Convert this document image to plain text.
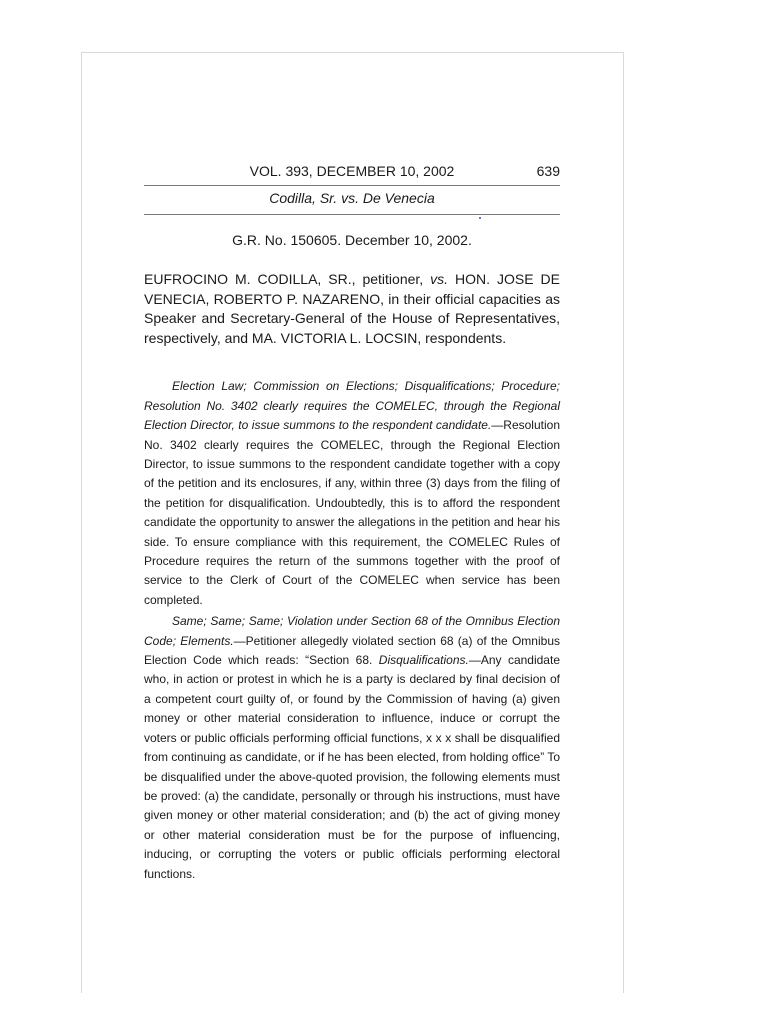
VOL. 393, DECEMBER 10, 2002	639
Codilla, Sr. vs. De Venecia
G.R. No. 150605. December 10, 2002.
EUFROCINO M. CODILLA, SR., petitioner, vs. HON. JOSE DE VENECIA, ROBERTO P. NAZARENO, in their official capacities as Speaker and Secretary-General of the House of Representatives, respectively, and MA. VICTORIA L. LOCSIN, respondents.

Election Law; Commission on Elections; Disqualifications; Procedure; Resolution No. 3402 clearly requires the COMELEC, through the Regional Election Director, to issue summons to the respondent candidate.—Resolution No. 3402 clearly requires the COMELEC, through the Regional Election Director, to issue summons to the respondent candidate together with a copy of the petition and its enclosures, if any, within three (3) days from the filing of the petition for disqualification. Undoubtedly, this is to afford the respondent candidate the opportunity to answer the allegations in the petition and hear his side. To ensure compliance with this requirement, the COMELEC Rules of Procedure requires the return of the summons together with the proof of service to the Clerk of Court of the COMELEC when service has been completed.

Same; Same; Same; Violation under Section 68 of the Omnibus Election Code; Elements.—Petitioner allegedly violated section 68 (a) of the Omnibus Election Code which reads: “Section 68. Disqualifications.—Any candidate who, in action or protest in which he is a party is declared by final decision of a competent court guilty of, or found by the Commission of having (a) given money or other material consideration to influence, induce or corrupt the voters or public officials performing official functions, x x x shall be disqualified from continuing as candidate, or if he has been elected, from holding office” To be disqualified under the above-quoted provision, the following elements must be proved: (a) the candidate, personally or through his instructions, must have given money or other material consideration; and (b) the act of giving money or other material consideration must be for the purpose of influencing, inducing, or corrupting the voters or public officials performing electoral functions.
